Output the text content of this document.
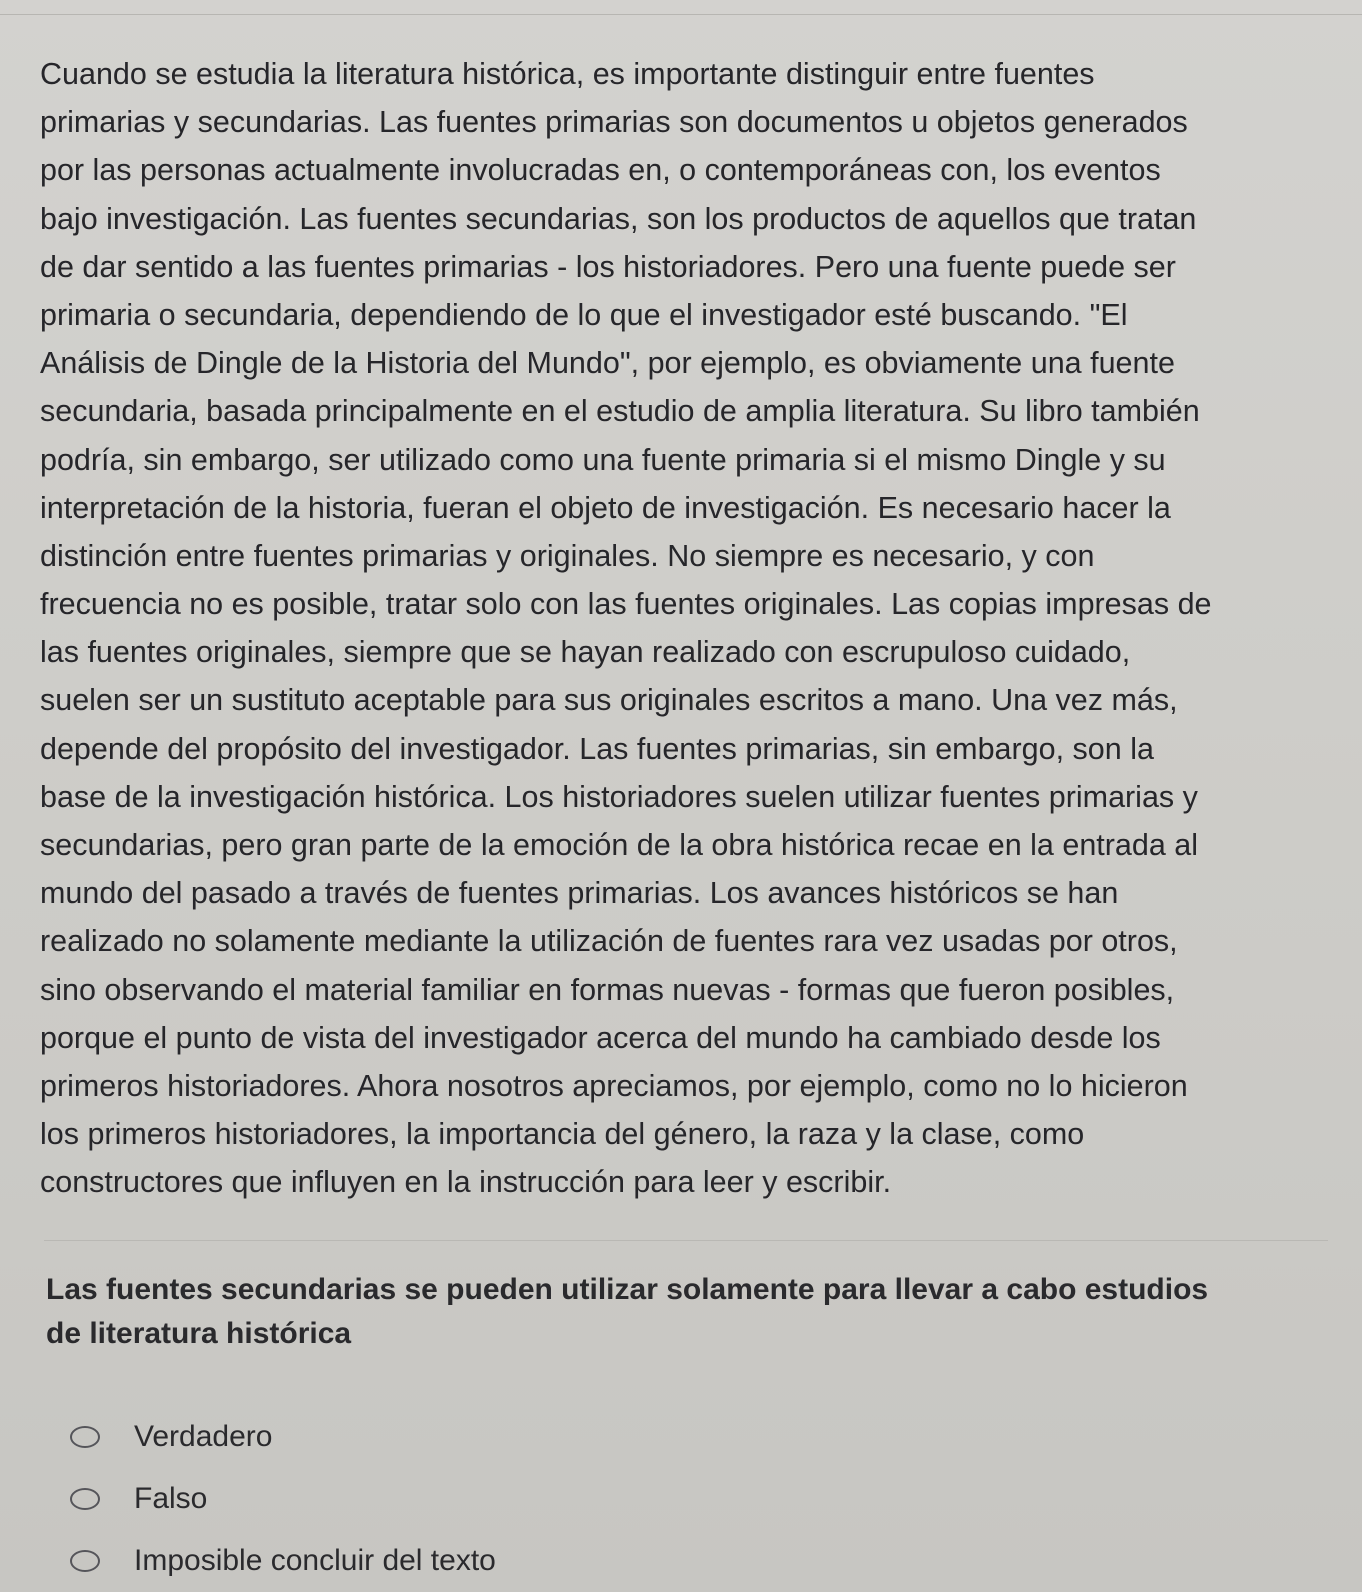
Cuando se estudia la literatura histórica, es importante distinguir entre fuentes
primarias y secundarias. Las fuentes primarias son documentos u objetos generados
por las personas actualmente involucradas en, o contemporáneas con, los eventos
bajo investigación. Las fuentes secundarias, son los productos de aquellos que tratan
de dar sentido a las fuentes primarias - los historiadores. Pero una fuente puede ser
primaria o secundaria, dependiendo de lo que el investigador esté buscando. "El
Análisis de Dingle de la Historia del Mundo", por ejemplo, es obviamente una fuente
secundaria, basada principalmente en el estudio de amplia literatura. Su libro también
podría, sin embargo, ser utilizado como una fuente primaria si el mismo Dingle y su
interpretación de la historia, fueran el objeto de investigación. Es necesario hacer la
distinción entre fuentes primarias y originales. No siempre es necesario, y con
frecuencia no es posible, tratar solo con las fuentes originales. Las copias impresas de
las fuentes originales, siempre que se hayan realizado con escrupuloso cuidado,
suelen ser un sustituto aceptable para sus originales escritos a mano. Una vez más,
depende del propósito del investigador. Las fuentes primarias, sin embargo, son la
base de la investigación histórica. Los historiadores suelen utilizar fuentes primarias y
secundarias, pero gran parte de la emoción de la obra histórica recae en la entrada al
mundo del pasado a través de fuentes primarias. Los avances históricos se han
realizado no solamente mediante la utilización de fuentes rara vez usadas por otros,
sino observando el material familiar en formas nuevas - formas que fueron posibles,
porque el punto de vista del investigador acerca del mundo ha cambiado desde los
primeros historiadores. Ahora nosotros apreciamos, por ejemplo, como no lo hicieron
los primeros historiadores, la importancia del género, la raza y la clase, como
constructores que influyen en la instrucción para leer y escribir.
Las fuentes secundarias se pueden utilizar solamente para llevar a cabo estudios
de literatura histórica
Verdadero
Falso
Imposible concluir del texto
